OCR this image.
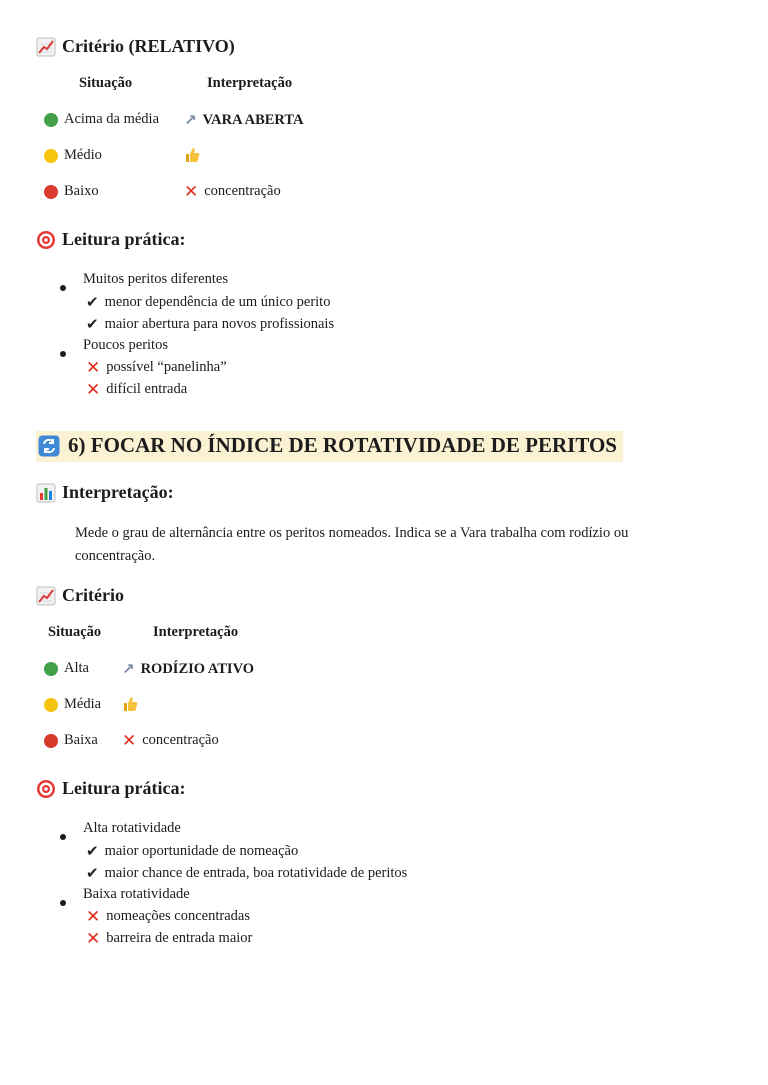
Critério (RELATIVO)
Situação	Interpretação
Acima da média ↗ VARA ABERTA
Médio
Baixo	✕ concentração
Leitura prática:
Muitos peritos diferentes
✔ menor dependência de um único perito
✔ maior abertura para novos profissionais
Poucos peritos
✕ possível “panelinha”
✕ difícil entrada
6) FOCAR NO ÍNDICE DE ROTATIVIDADE DE PERITOS
Interpretação:
Mede o grau de alternância entre os peritos nomeados. Indica se a Vara trabalha com rodízio ou
concentração.
Critério
Situação	Interpretação
Alta ↗ RODÍZIO ATIVO
Média
Baixa ✕ concentração
Leitura prática:
Alta rotatividade
✔ maior oportunidade de nomeação
✔ maior chance de entrada, boa rotatividade de peritos
Baixa rotatividade
✕ nomeações concentradas
✕ barreira de entrada maior
